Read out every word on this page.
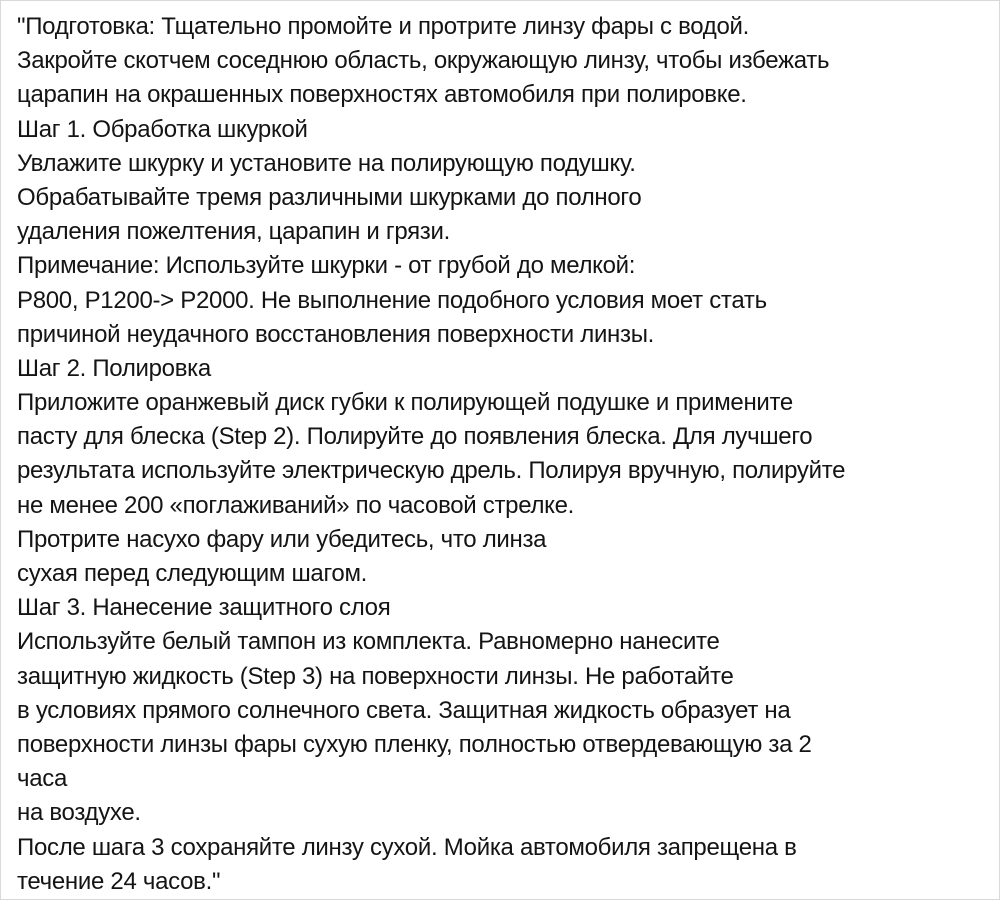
"Подготовка: Тщательно промойте и протрите линзу фары с водой.
Закройте скотчем соседнюю область, окружающую линзу, чтобы избежать
царапин на окрашенных поверхностях автомобиля при полировке.
Шаг 1. Обработка шкуркой
Увлажите шкурку и установите на полирующую подушку.
Обрабатывайте тремя различными шкурками до полного
удаления пожелтения, царапин и грязи.
Примечание: Используйте шкурки - от грубой до мелкой:
P800, P1200-> P2000. Не выполнение подобного условия моет стать
причиной неудачного восстановления поверхности линзы.
Шаг 2. Полировка
Приложите оранжевый диск губки к полирующей подушке и примените
пасту для блеска (Step 2). Полируйте до появления блеска. Для лучшего
результата используйте электрическую дрель. Полируя вручную, полируйте
не менее 200 «поглаживаний» по часовой стрелке.
Протрите насухо фару или убедитесь, что линза
сухая перед следующим шагом.
Шаг 3. Нанесение защитного слоя
Используйте белый тампон из комплекта. Равномерно нанесите
защитную жидкость (Step 3) на поверхности линзы. Не работайте
в условиях прямого солнечного света. Защитная жидкость образует на
поверхности линзы фары сухую пленку, полностью отвердевающую за 2
часа
на воздухе.
После шага 3 сохраняйте линзу сухой. Мойка автомобиля запрещена в
течение 24 часов."
